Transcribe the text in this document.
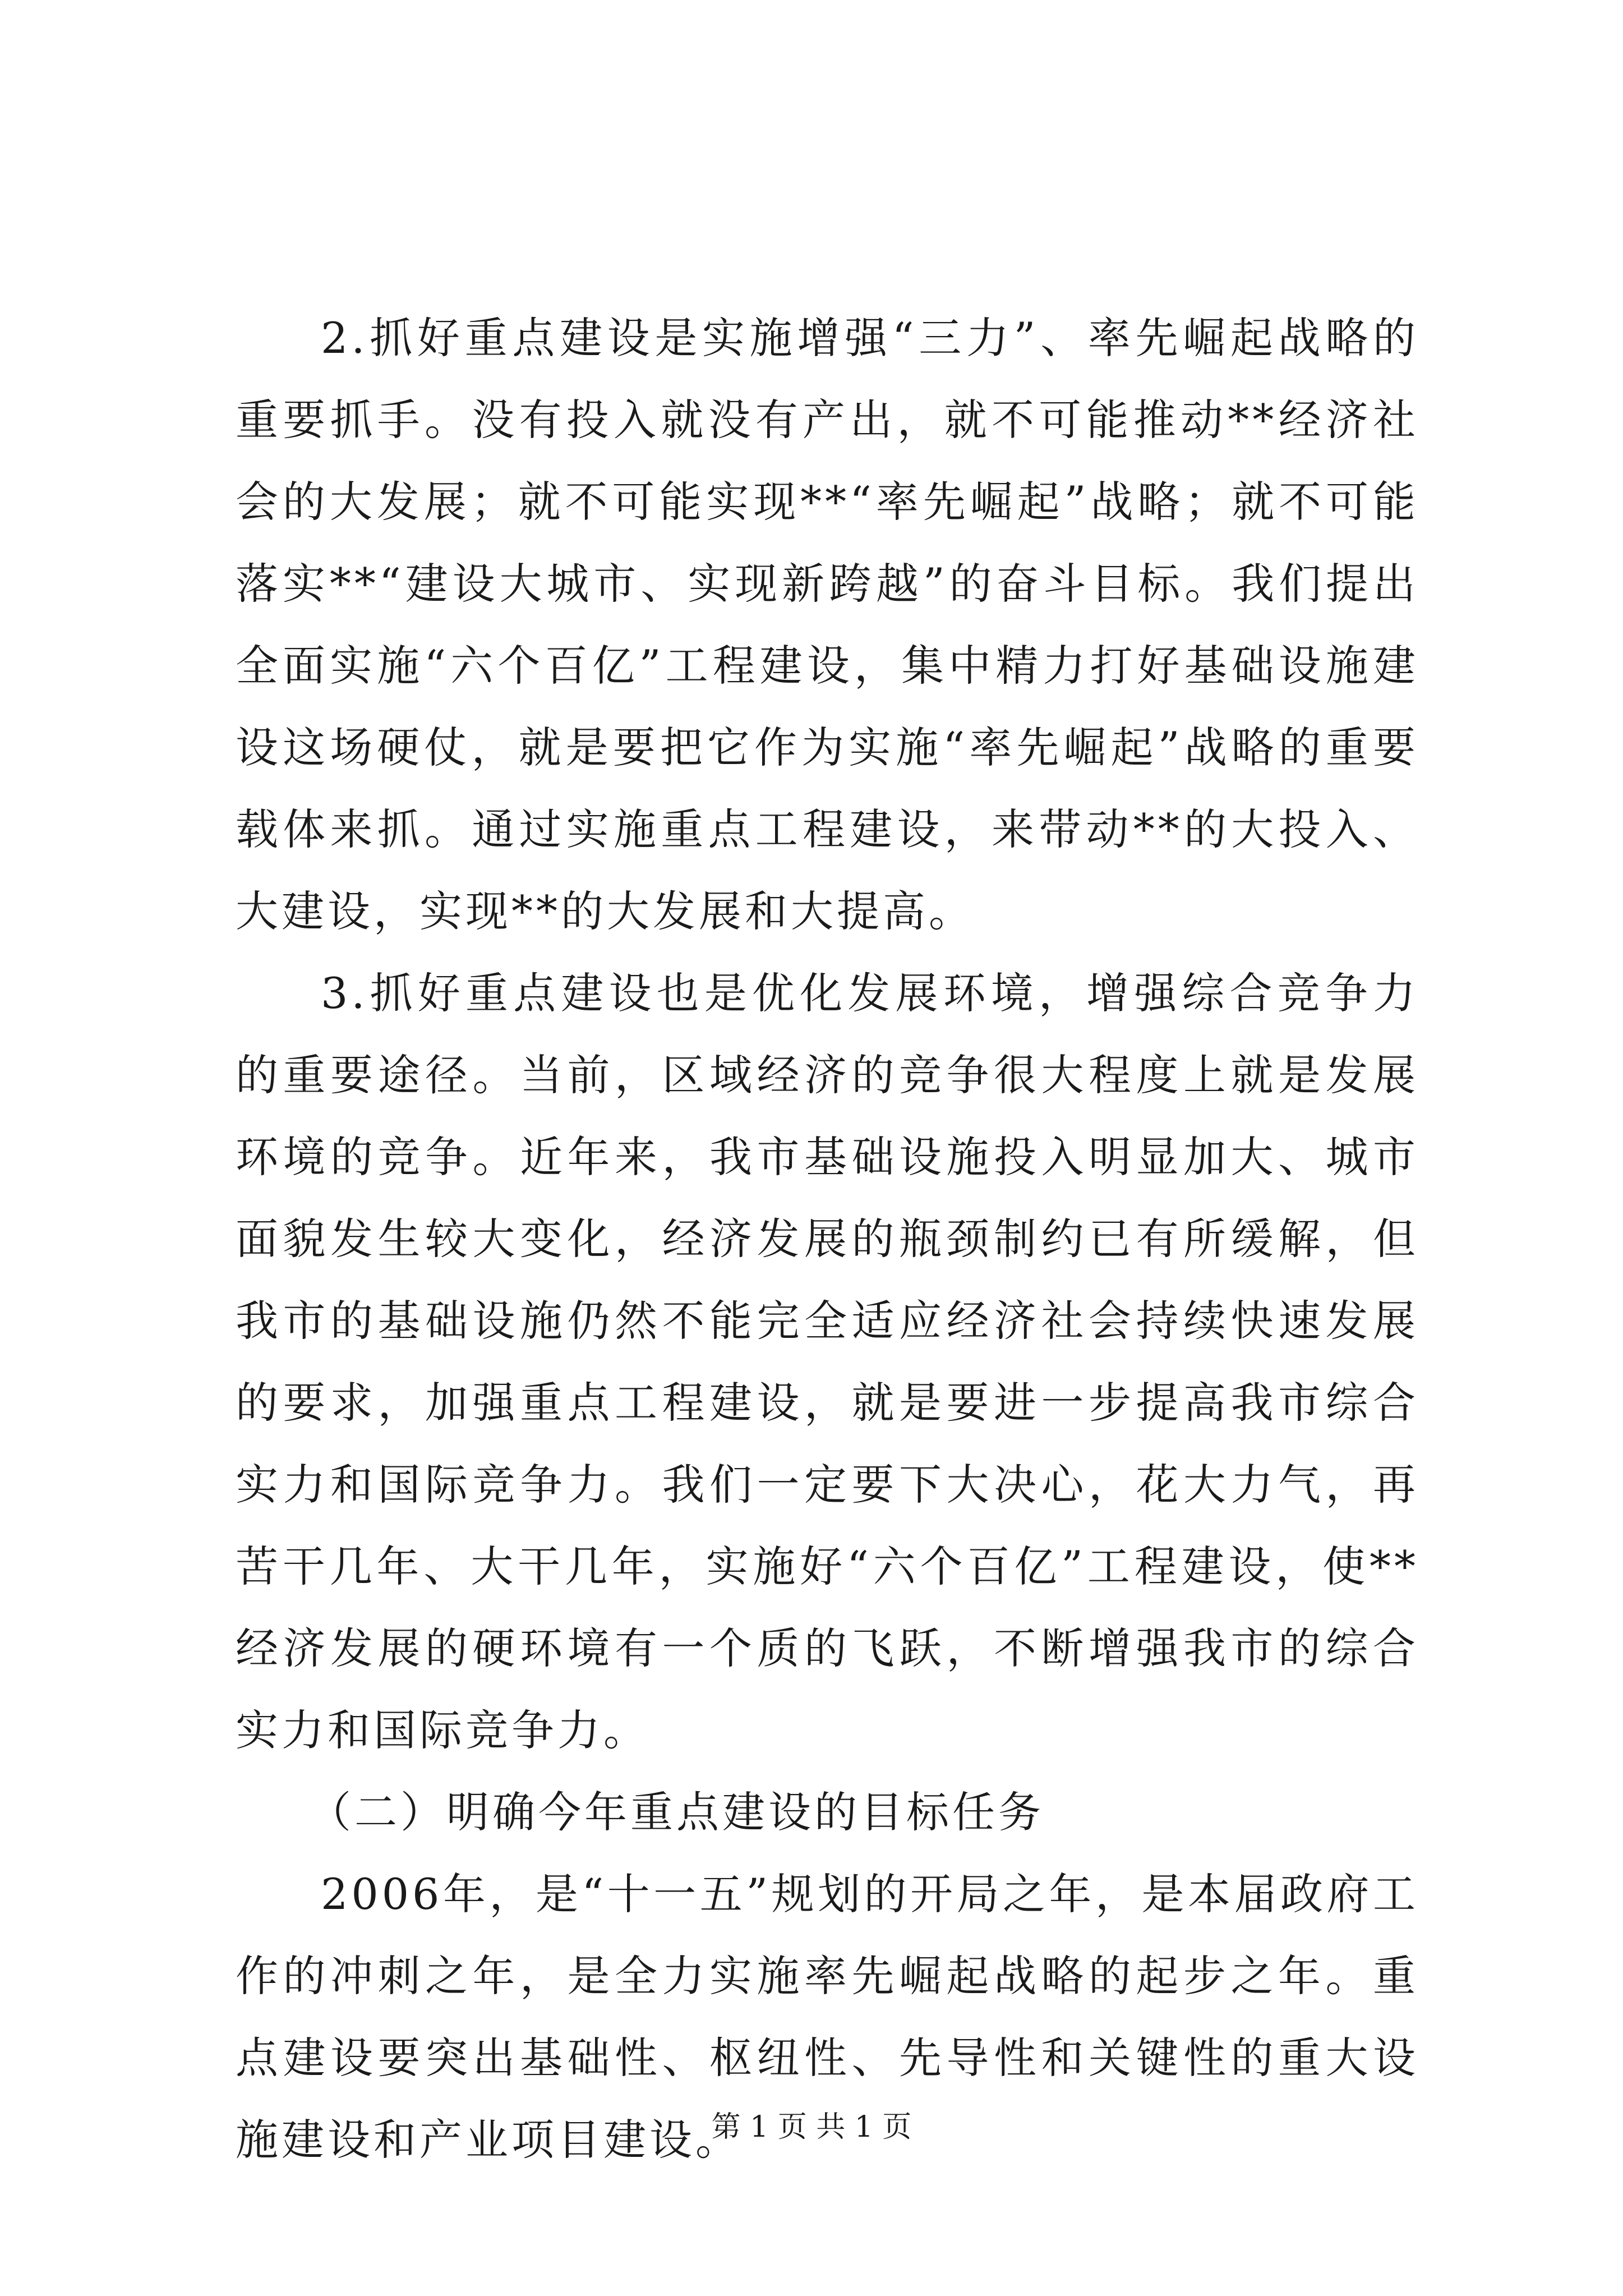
2.抓好重点建设是实施增强“三力”、率先崛起战略的重要抓手。没有投入就没有产出，就不可能推动**经济社会的大发展；就不可能实现**“率先崛起”战略；就不可能落实**“建设大城市、实现新跨越”的奋斗目标。我们提出全面实施“六个百亿”工程建设，集中精力打好基础设施建设这场硬仗，就是要把它作为实施“率先崛起”战略的重要载体来抓。通过实施重点工程建设，来带动**的大投入、大建设，实现**的大发展和大提高。

3.抓好重点建设也是优化发展环境，增强综合竞争力的重要途径。当前，区域经济的竞争很大程度上就是发展环境的竞争。近年来，我市基础设施投入明显加大、城市面貌发生较大变化，经济发展的瓶颈制约已有所缓解，但我市的基础设施仍然不能完全适应经济社会持续快速发展的要求，加强重点工程建设，就是要进一步提高我市综合实力和国际竞争力。我们一定要下大决心，花大力气，再苦干几年、大干几年，实施好“六个百亿”工程建设，使**经济发展的硬环境有一个质的飞跃，不断增强我市的综合实力和国际竞争力。

（二）明确今年重点建设的目标任务

2006年，是“十一五”规划的开局之年，是本届政府工作的冲刺之年，是全力实施率先崛起战略的起步之年。重点建设要突出基础性、枢纽性、先导性和关键性的重大设施建设和产业项目建设。

第 1 页 共 1 页
